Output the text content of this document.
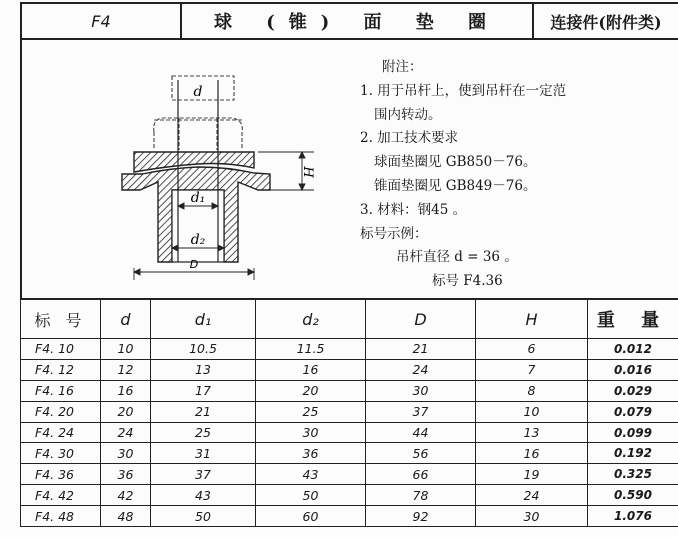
F4	球 (锥) 面 垫 圈	连接件(附件类)
d
d₁
d₂
D
H
附注：
1. 用于吊杆上，使到吊杆在一定范
围内转动。
2. 加工技术要求
球面垫圈见 GB850－76。
锥面垫圈见 GB849－76。
3. 材料：钢45 。
标号示例：
吊杆直径 d = 36 。
标号 F4.36
标 号	d	d₁	d₂	D	H	重 量
F4. 10	10	10.5	11.5	21	6	0.012
F4. 12	12	13	16	24	7	0.016
F4. 16	16	17	20	30	8	0.029
F4. 20	20	21	25	37	10	0.079
F4. 24	24	25	30	44	13	0.099
F4. 30	30	31	36	56	16	0.192
F4. 36	36	37	43	66	19	0.325
F4. 42	42	43	50	78	24	0.590
F4. 48	48	50	60	92	30	1.076
